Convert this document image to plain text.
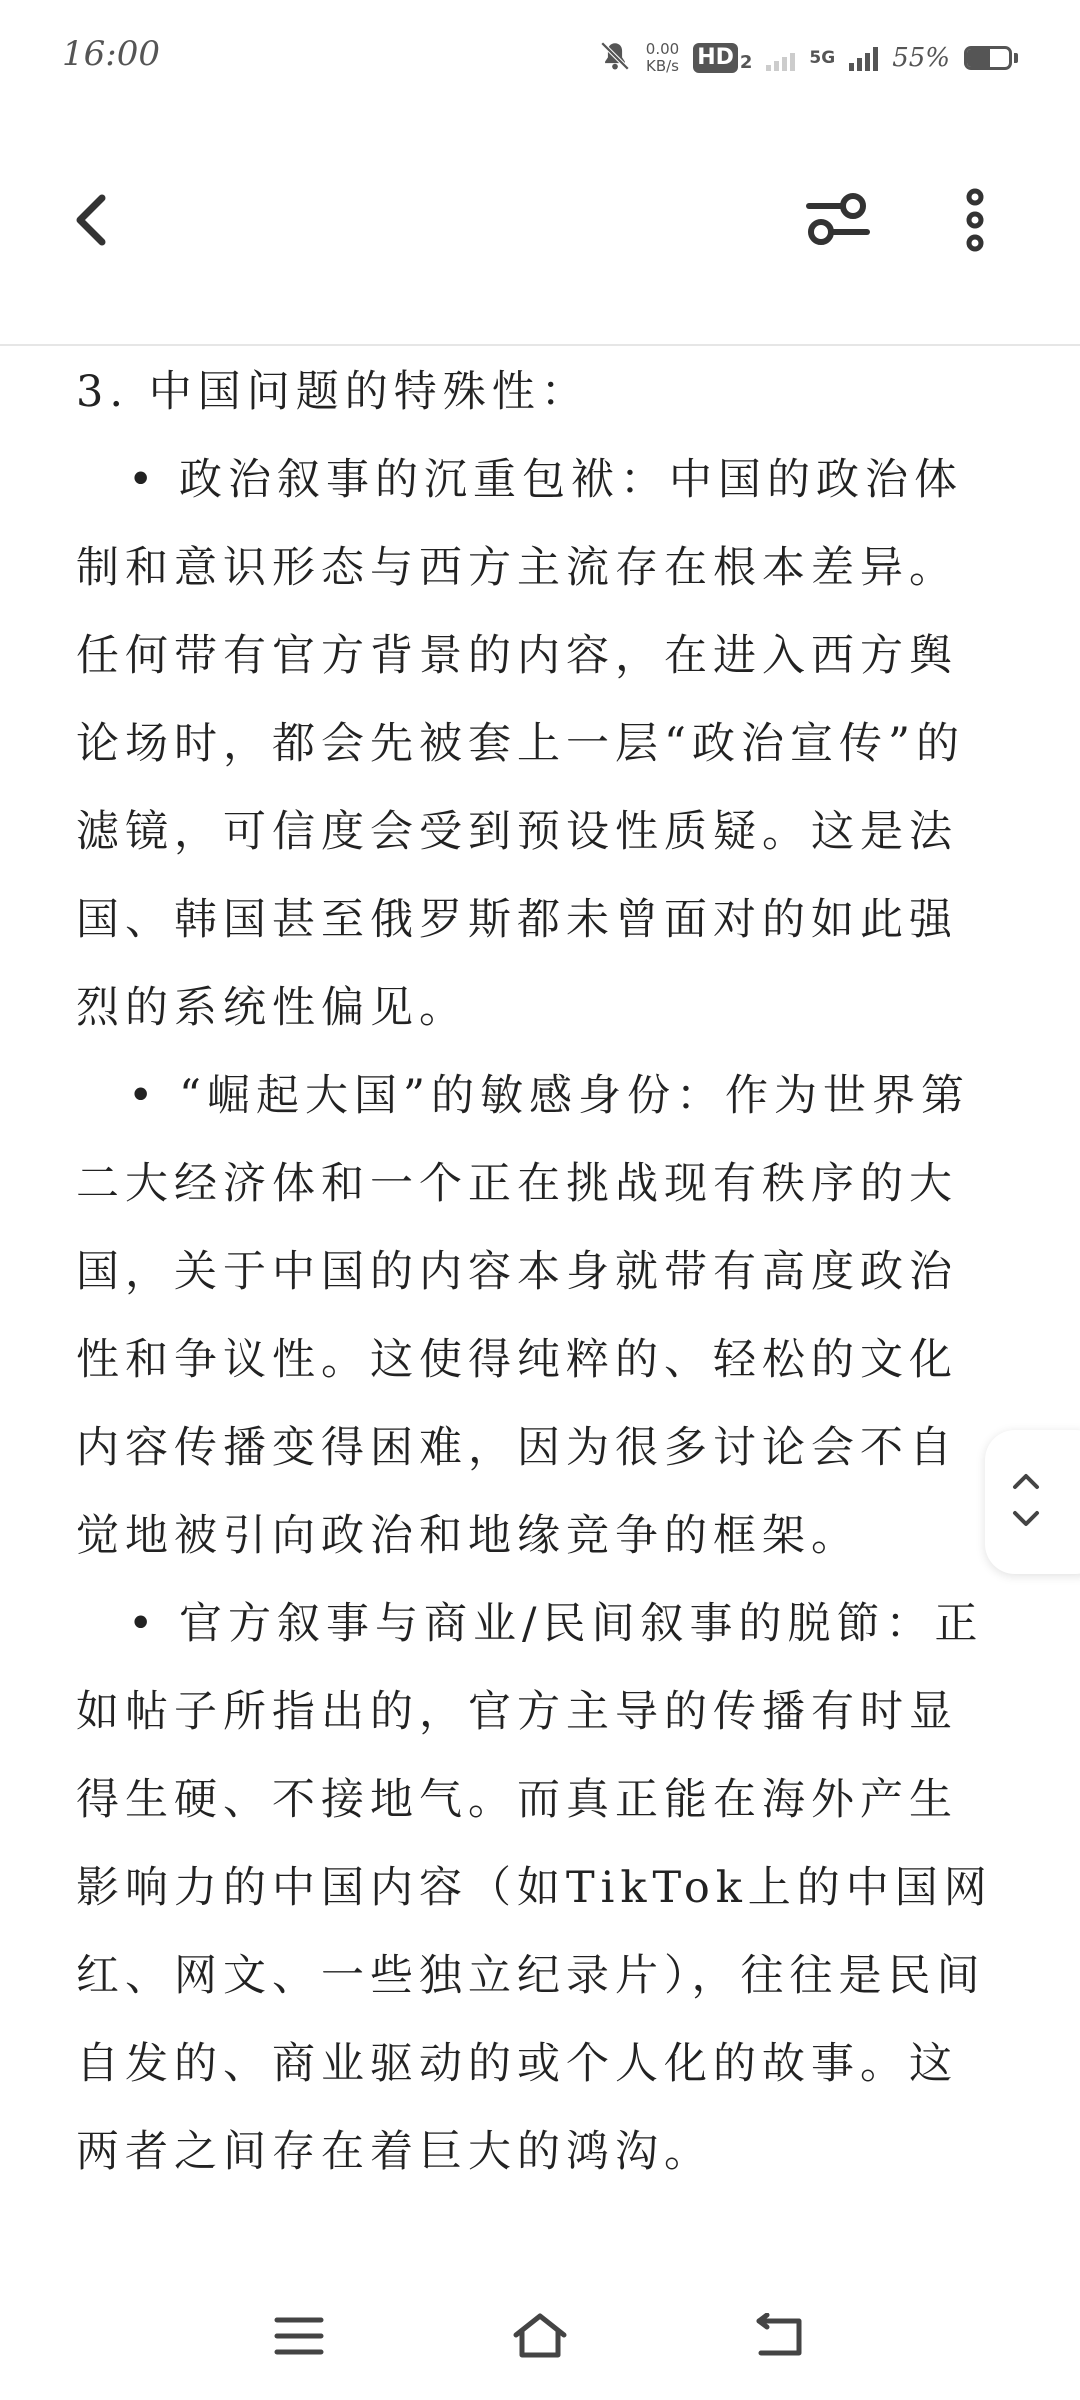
16:00	0.00
KB/s HD 2	5G 55%

3. 中国问题的特殊性：

• 政治叙事的沉重包袱：中国的政治体制和意识形态与西方主流存在根本差异。任何带有官方背景的内容，在进入西方舆论场时，都会先被套上一层“政治宣传”的滤镜，可信度会受到预设性质疑。这是法国、韩国甚至俄罗斯都未曾面对的如此强烈的系统性偏见。

• “崛起大国”的敏感身份：作为世界第二大经济体和一个正在挑战现有秩序的大国，关于中国的内容本身就带有高度政治性和争议性。这使得纯粹的、轻松的文化内容传播变得困难，因为很多讨论会不自觉地被引向政治和地缘竞争的框架。

• 官方叙事与商业/民间叙事的脱節：正如帖子所指出的，官方主导的传播有时显得生硬、不接地气。而真正能在海外产生影响力的中国内容（如TikTok上的中国网红、网文、一些独立纪录片），往往是民间自发的、商业驱动的或个人化的故事。这两者之间存在着巨大的鸿沟。
